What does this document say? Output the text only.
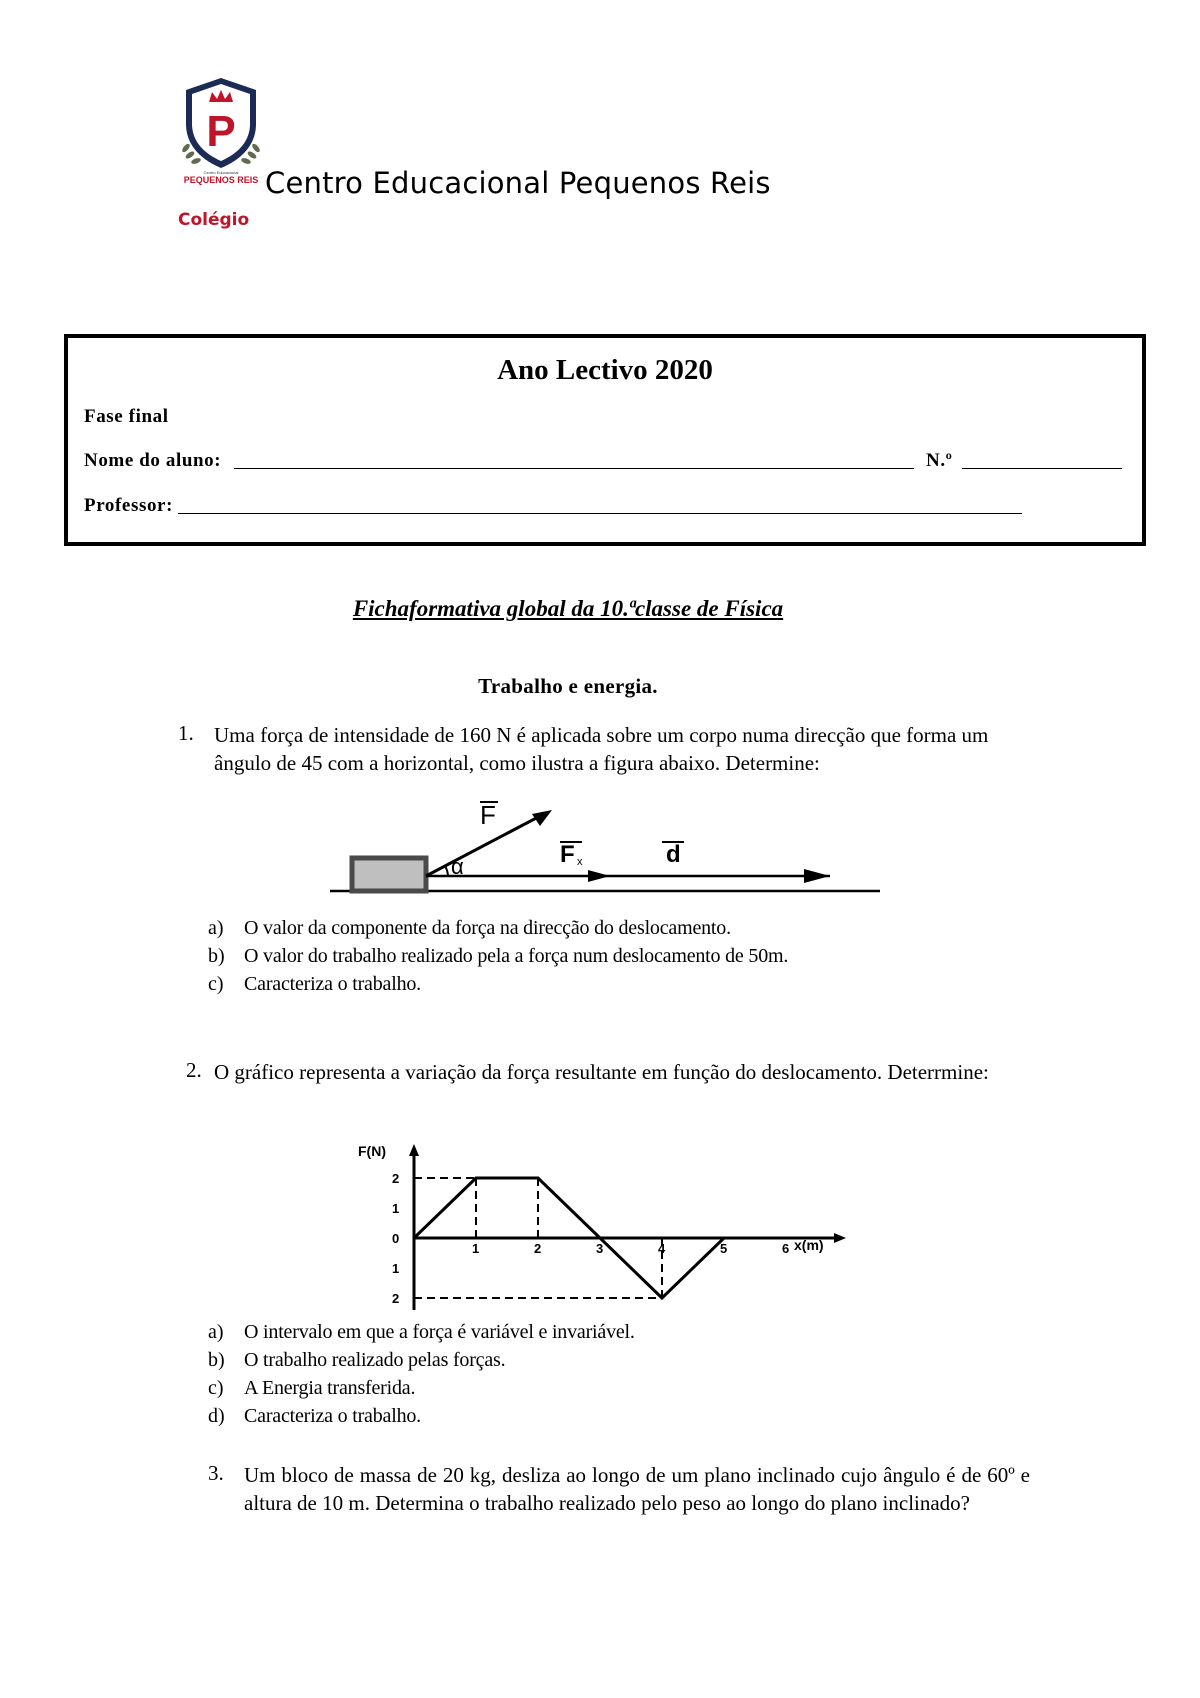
P
Centro Educacional
PEQUENOS REIS Centro Educacional Pequenos Reis
Colégio
Ano Lectivo 2020
Fase final
Nome do aluno:	N.º
Professor:
Fichaformativa global da 10.ªclasse de Física
Trabalho e energia.
1. Uma força de intensidade de 160 N é aplicada sobre um corpo numa direcção que forma um ângulo de 45 com a horizontal, como ilustra a figura abaixo. Determine:
F
α	F x	d
a) O valor da componente da força na direcção do deslocamento.
b) O valor do trabalho realizado pela a força num deslocamento de 50m.
c) Caracteriza o trabalho.
2. O gráfico representa a variação da força resultante em função do deslocamento. Deterrmine:
F(N)
x(m)
1	2	3	4	5	6
2
1
0
1
2
a) O intervalo em que a força é variável e invariável.
b) O trabalho realizado pelas forças.
c) A Energia transferida.
d) Caracteriza o trabalho.
3. Um bloco de massa de 20 kg, desliza ao longo de um plano inclinado cujo ângulo é de 60º e altura de 10 m. Determina o trabalho realizado pelo peso ao longo do plano inclinado?
